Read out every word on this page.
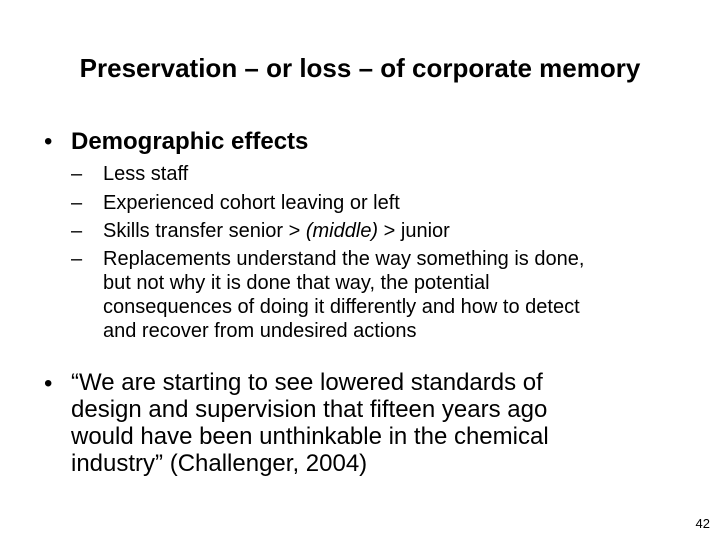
Preservation – or loss – of corporate memory
• Demographic effects
– Less staff
– Experienced cohort leaving or left
– Skills transfer senior > (middle) > junior
– Replacements understand the way something is done,
but not why it is done that way, the potential
consequences of doing it differently and how to detect
and recover from undesired actions
• “We are starting to see lowered standards of
design and supervision that fifteen years ago
would have been unthinkable in the chemical
industry” (Challenger, 2004)
42
